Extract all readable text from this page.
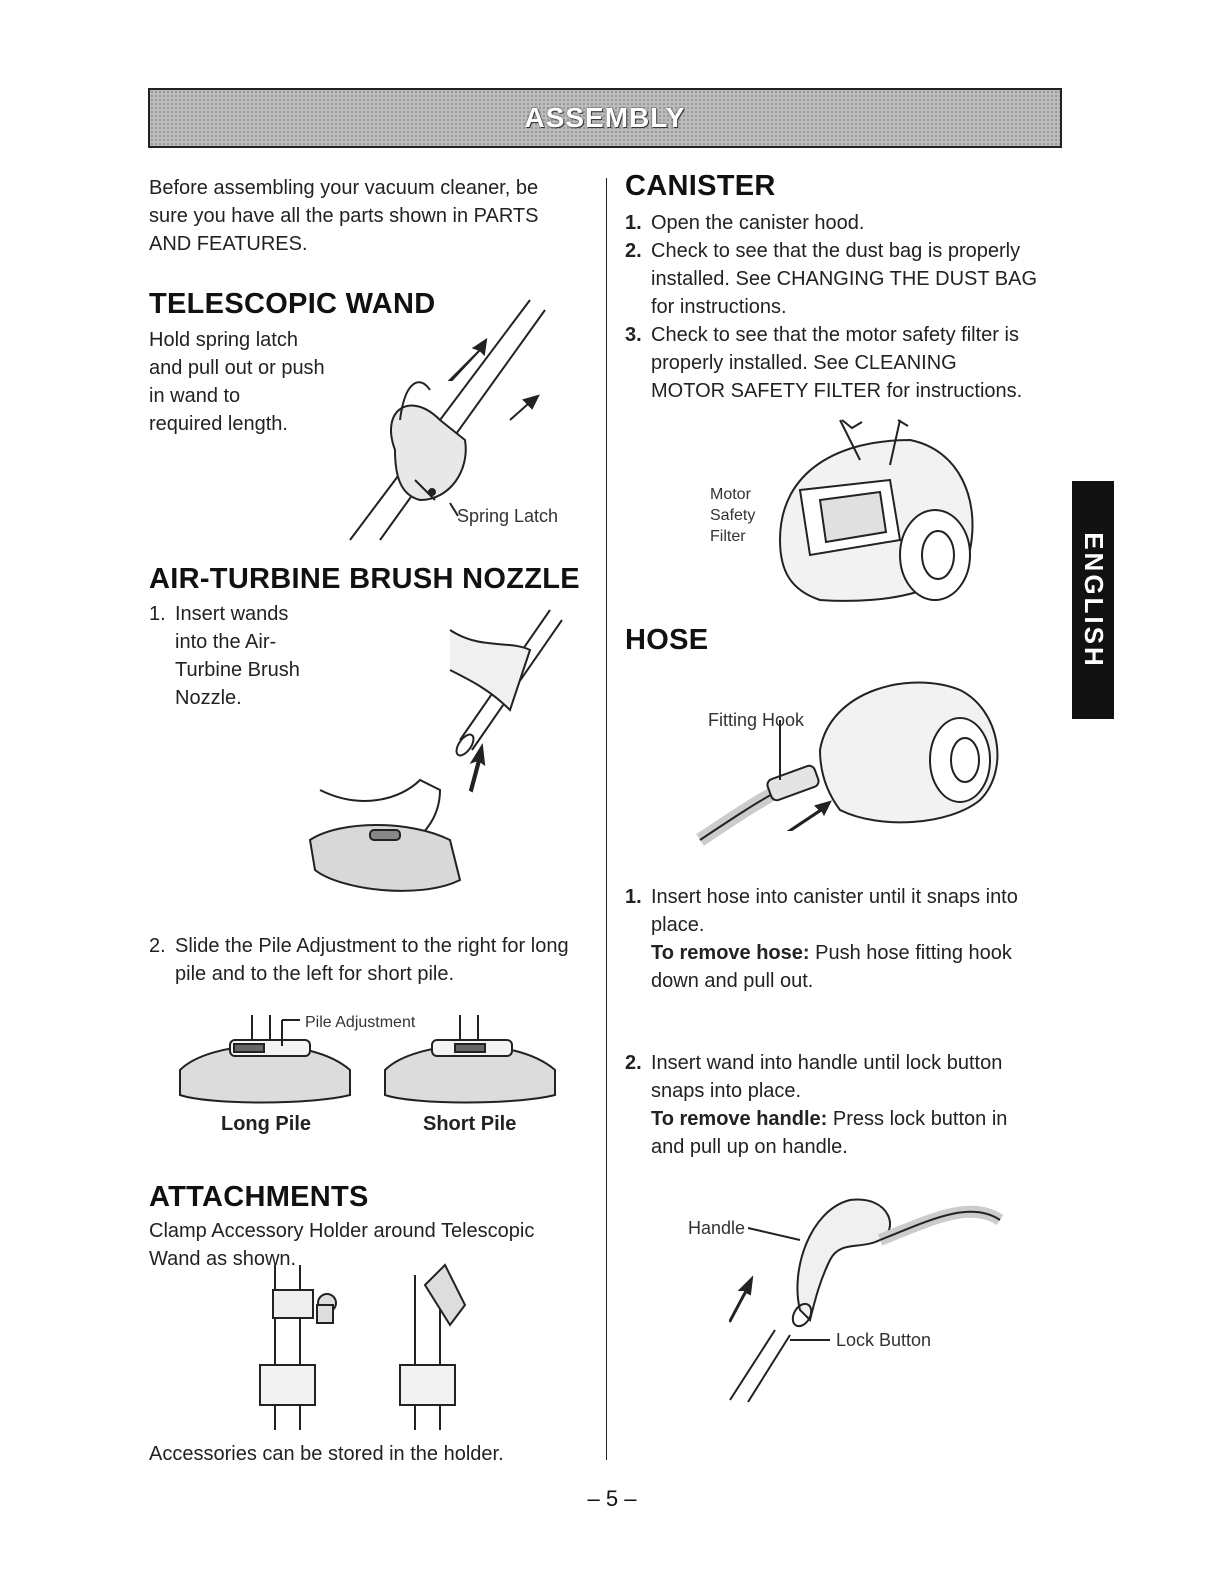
ASSEMBLY
ENGLISH
Before assembling your vacuum cleaner, be
sure you have all the parts shown in PARTS
AND FEATURES.
TELESCOPIC WAND
Hold spring latch
and pull out or push
in wand to
required length.
Spring Latch
AIR-TURBINE BRUSH NOZZLE
1. Insert wands
into the Air-
Turbine Brush
Nozzle.
2. Slide the Pile Adjustment to the right for long
pile and to the left for short pile.
Pile Adjustment
Long Pile	Short Pile
ATTACHMENTS
Clamp Accessory Holder around Telescopic
Wand as shown.
Accessories can be stored in the holder.
CANISTER
1. Open the canister hood.
2. Check to see that the dust bag is properly
installed. See CHANGING THE DUST BAG
for instructions.
3. Check to see that the motor safety filter is
properly installed. See CLEANING
MOTOR SAFETY FILTER for instructions.
Motor
Safety
Filter
HOSE
Fitting Hook
1. Insert hose into canister until it snaps into
place.
To remove hose: Push hose fitting hook
down and pull out.
2. Insert wand into handle until lock button
snaps into place.
To remove handle: Press lock button in
and pull up on handle.
Handle
Lock Button
– 5 –
